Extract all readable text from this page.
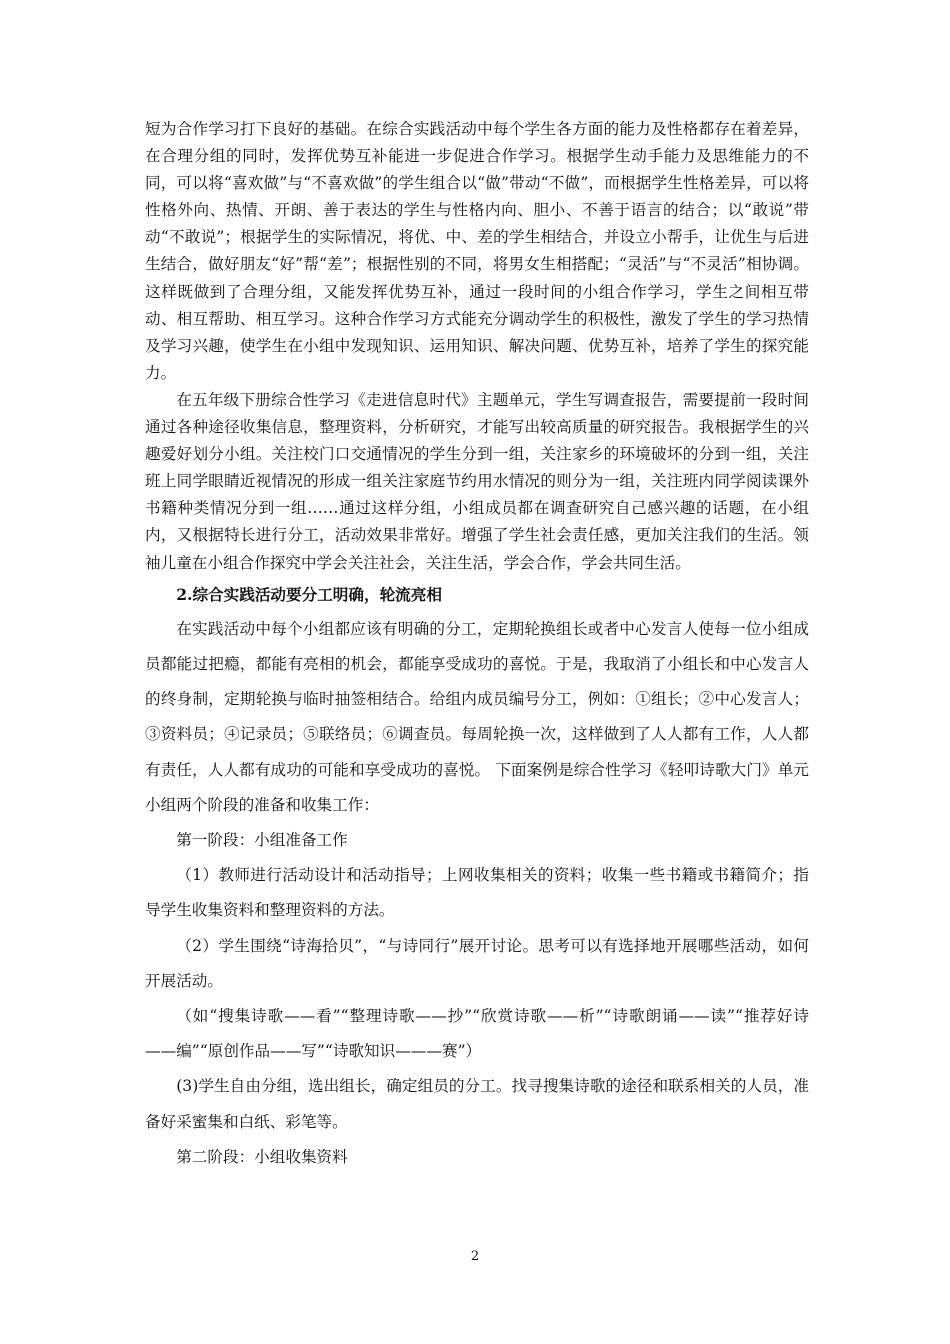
短为合作学习打下良好的基础。在综合实践活动中每个学生各方面的能力及性格都存在着差异，在合理分组的同时，发挥优势互补能进一步促进合作学习。根据学生动手能力及思维能力的不同，可以将“喜欢做”与“不喜欢做”的学生组合以“做”带动“不做”，而根据学生性格差异，可以将性格外向、热情、开朗、善于表达的学生与性格内向、胆小、不善于语言的结合；以“敢说”带动“不敢说”；根据学生的实际情况，将优、中、差的学生相结合，并设立小帮手，让优生与后进生结合，做好朋友“好”帮“差”；根据性别的不同，将男女生相搭配；“灵活”与“不灵活”相协调。这样既做到了合理分组，又能发挥优势互补，通过一段时间的小组合作学习，学生之间相互带动、相互帮助、相互学习。这种合作学习方式能充分调动学生的积极性，激发了学生的学习热情及学习兴趣，使学生在小组中发现知识、运用知识、解决问题、优势互补，培养了学生的探究能力。

在五年级下册综合性学习《走进信息时代》主题单元，学生写调查报告，需要提前一段时间通过各种途径收集信息，整理资料，分析研究，才能写出较高质量的研究报告。我根据学生的兴趣爱好划分小组。关注校门口交通情况的学生分到一组，关注家乡的环境破坏的分到一组，关注班上同学眼睛近视情况的形成一组关注家庭节约用水情况的则分为一组，关注班内同学阅读课外书籍种类情况分到一组……通过这样分组，小组成员都在调查研究自己感兴趣的话题，在小组内，又根据特长进行分工，活动效果非常好。增强了学生社会责任感，更加关注我们的生活。领袖儿童在小组合作探究中学会关注社会，关注生活，学会合作，学会共同生活。

2.综合实践活动要分工明确，轮流亮相

在实践活动中每个小组都应该有明确的分工，定期轮换组长或者中心发言人使每一位小组成员都能过把瘾，都能有亮相的机会，都能享受成功的喜悦。于是，我取消了小组长和中心发言人的终身制，定期轮换与临时抽签相结合。给组内成员编号分工，例如：①组长；②中心发言人；③资料员；④记录员；⑤联络员；⑥调查员。每周轮换一次，这样做到了人人都有工作，人人都有责任，人人都有成功的可能和享受成功的喜悦。 下面案例是综合性学习《轻叩诗歌大门》单元小组两个阶段的准备和收集工作：

第一阶段：小组准备工作

（1）教师进行活动设计和活动指导；上网收集相关的资料；收集一些书籍或书籍简介；指导学生收集资料和整理资料的方法。

（2）学生围绕“诗海拾贝”，“与诗同行”展开讨论。思考可以有选择地开展哪些活动，如何开展活动。

（如“搜集诗歌——看”“整理诗歌——抄”“欣赏诗歌——析”“诗歌朗诵——读”“推荐好诗——编”“原创作品——写”“诗歌知识———赛”）

(3)学生自由分组，选出组长，确定组员的分工。找寻搜集诗歌的途径和联系相关的人员，准备好采蜜集和白纸、彩笔等。

第二阶段：小组收集资料

2
